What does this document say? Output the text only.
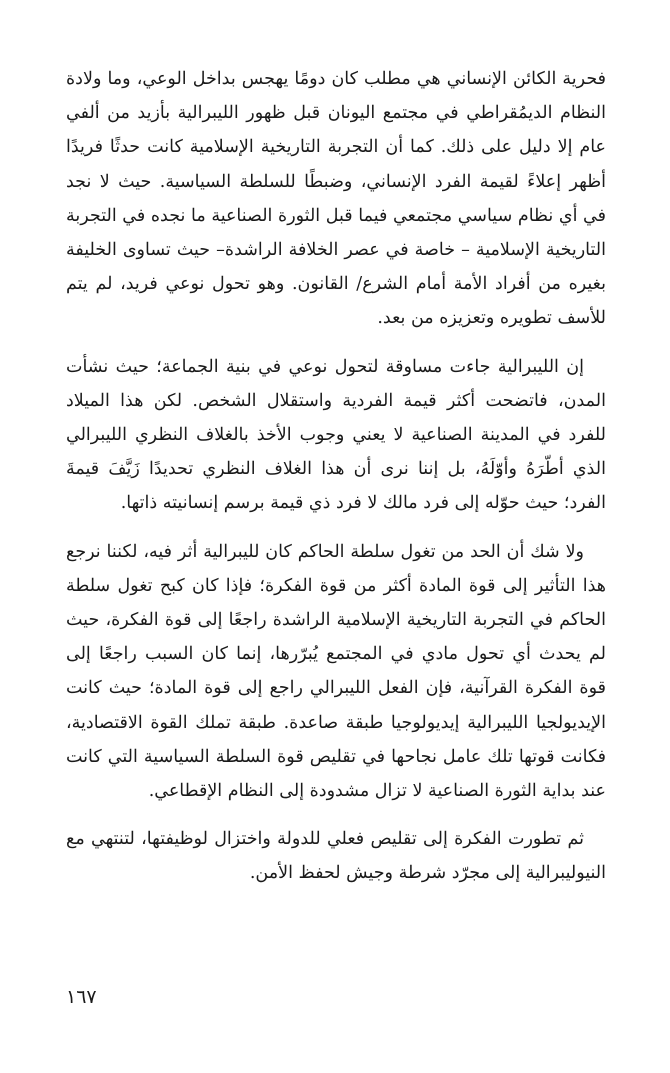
فحرية الكائن الإنساني هي مطلب كان دومًا يهجس بداخل الوعي، وما ولادة النظام الديمُقراطي في مجتمع اليونان قبل ظهور الليبرالية بأزيد من ألفي عام إلا دليل على ذلك. كما أن التجربة التاريخية الإسلامية كانت حدثًا فريدًا أظهر إعلاءً لقيمة الفرد الإنساني، وضبطًا للسلطة السياسية. حيث لا نجد في أي نظام سياسي مجتمعي فيما قبل الثورة الصناعية ما نجده في التجربة التاريخية الإسلامية – خاصة في عصر الخلافة الراشدة– حيث تساوى الخليفة بغيره من أفراد الأمة أمام الشرع/ القانون. وهو تحول نوعي فريد، لم يتم للأسف تطويره وتعزيزه من بعد.

إن الليبرالية جاءت مساوقة لتحول نوعي في بنية الجماعة؛ حيث نشأت المدن، فاتضحت أكثر قيمة الفردية واستقلال الشخص. لكن هذا الميلاد للفرد في المدينة الصناعية لا يعني وجوب الأخذ بالغلاف النظري الليبرالي الذي أطّرَهُ وأوّلَهُ، بل إننا نرى أن هذا الغلاف النظري تحديدًا زَيَّفَ قيمةَ الفرد؛ حيث حوّله إلى فرد مالك لا فرد ذي قيمة برسم إنسانيته ذاتها.

ولا شك أن الحد من تغول سلطة الحاكم كان لليبرالية أثر فيه، لكننا نرجع هذا التأثير إلى قوة المادة أكثر من قوة الفكرة؛ فإذا كان كبح تغول سلطة الحاكم في التجربة التاريخية الإسلامية الراشدة راجعًا إلى قوة الفكرة، حيث لم يحدث أي تحول مادي في المجتمع يُبرّرها، إنما كان السبب راجعًا إلى قوة الفكرة القرآنية، فإن الفعل الليبرالي راجع إلى قوة المادة؛ حيث كانت الإيديولجيا الليبرالية إيديولوجيا طبقة صاعدة. طبقة تملك القوة الاقتصادية، فكانت قوتها تلك عامل نجاحها في تقليص قوة السلطة السياسية التي كانت عند بداية الثورة الصناعية لا تزال مشدودة إلى النظام الإقطاعي.

ثم تطورت الفكرة إلى تقليص فعلي للدولة واختزال لوظيفتها، لتنتهي مع النيوليبرالية إلى مجرّد شرطة وجيش لحفظ الأمن.

١٦٧
